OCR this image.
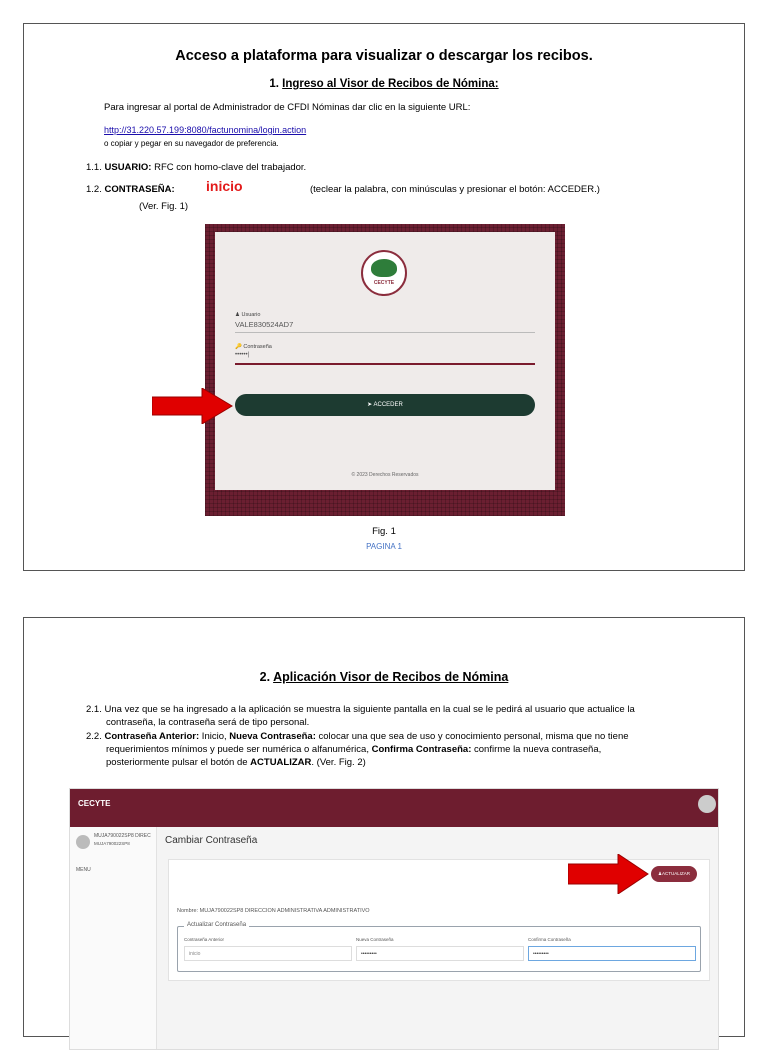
Acceso a plataforma para visualizar o descargar los recibos.
1. Ingreso al Visor de Recibos de Nómina:
Para ingresar al portal de Administrador de CFDI Nóminas dar clic en la siguiente URL:
http://31.220.57.199:8080/factunomina/login.action
o copiar y pegar en su navegador de preferencia.
1.1. USUARIO: RFC con homo-clave del trabajador.
1.2. CONTRASEÑA: inicio	(teclear la palabra, con minúsculas y presionar el botón: ACCEDER.)
(Ver. Fig. 1)
CECYTE
♟ Usuario
VALE830524AD7
🔑 Contraseña
••••••|
➤ ACCEDER
© 2023 Derechos Reservados
Fig. 1
PAGINA 1
2. Aplicación Visor de Recibos de Nómina
2.1. Una vez que se ha ingresado a la aplicación se muestra la siguiente pantalla en la cual se le pedirá al usuario que actualice la
contraseña, la contraseña será de tipo personal.
2.2. Contraseña Anterior: Inicio, Nueva Contraseña: colocar una que sea de uso y conocimiento personal, misma que no tiene
requerimientos mínimos y puede ser numérica o alfanumérica, Confirma Contraseña: confirme la nueva contraseña,
posteriormente pulsar el botón de ACTUALIZAR. (Ver. Fig. 2)
CECYTE
MUJA790022SP8 DIREC
MUJA790022SP8
MENU
Cambiar Contraseña
♟ACTUALIZAR
Nombre: MUJA790022SP8 DIRECCION ADMINISTRATIVA ADMINISTRATIVO
Actualizar Contraseña
Contraseña Anterior
inicio
Nueva Contraseña
•••••••••
Confirma Contraseña
•••••••••
